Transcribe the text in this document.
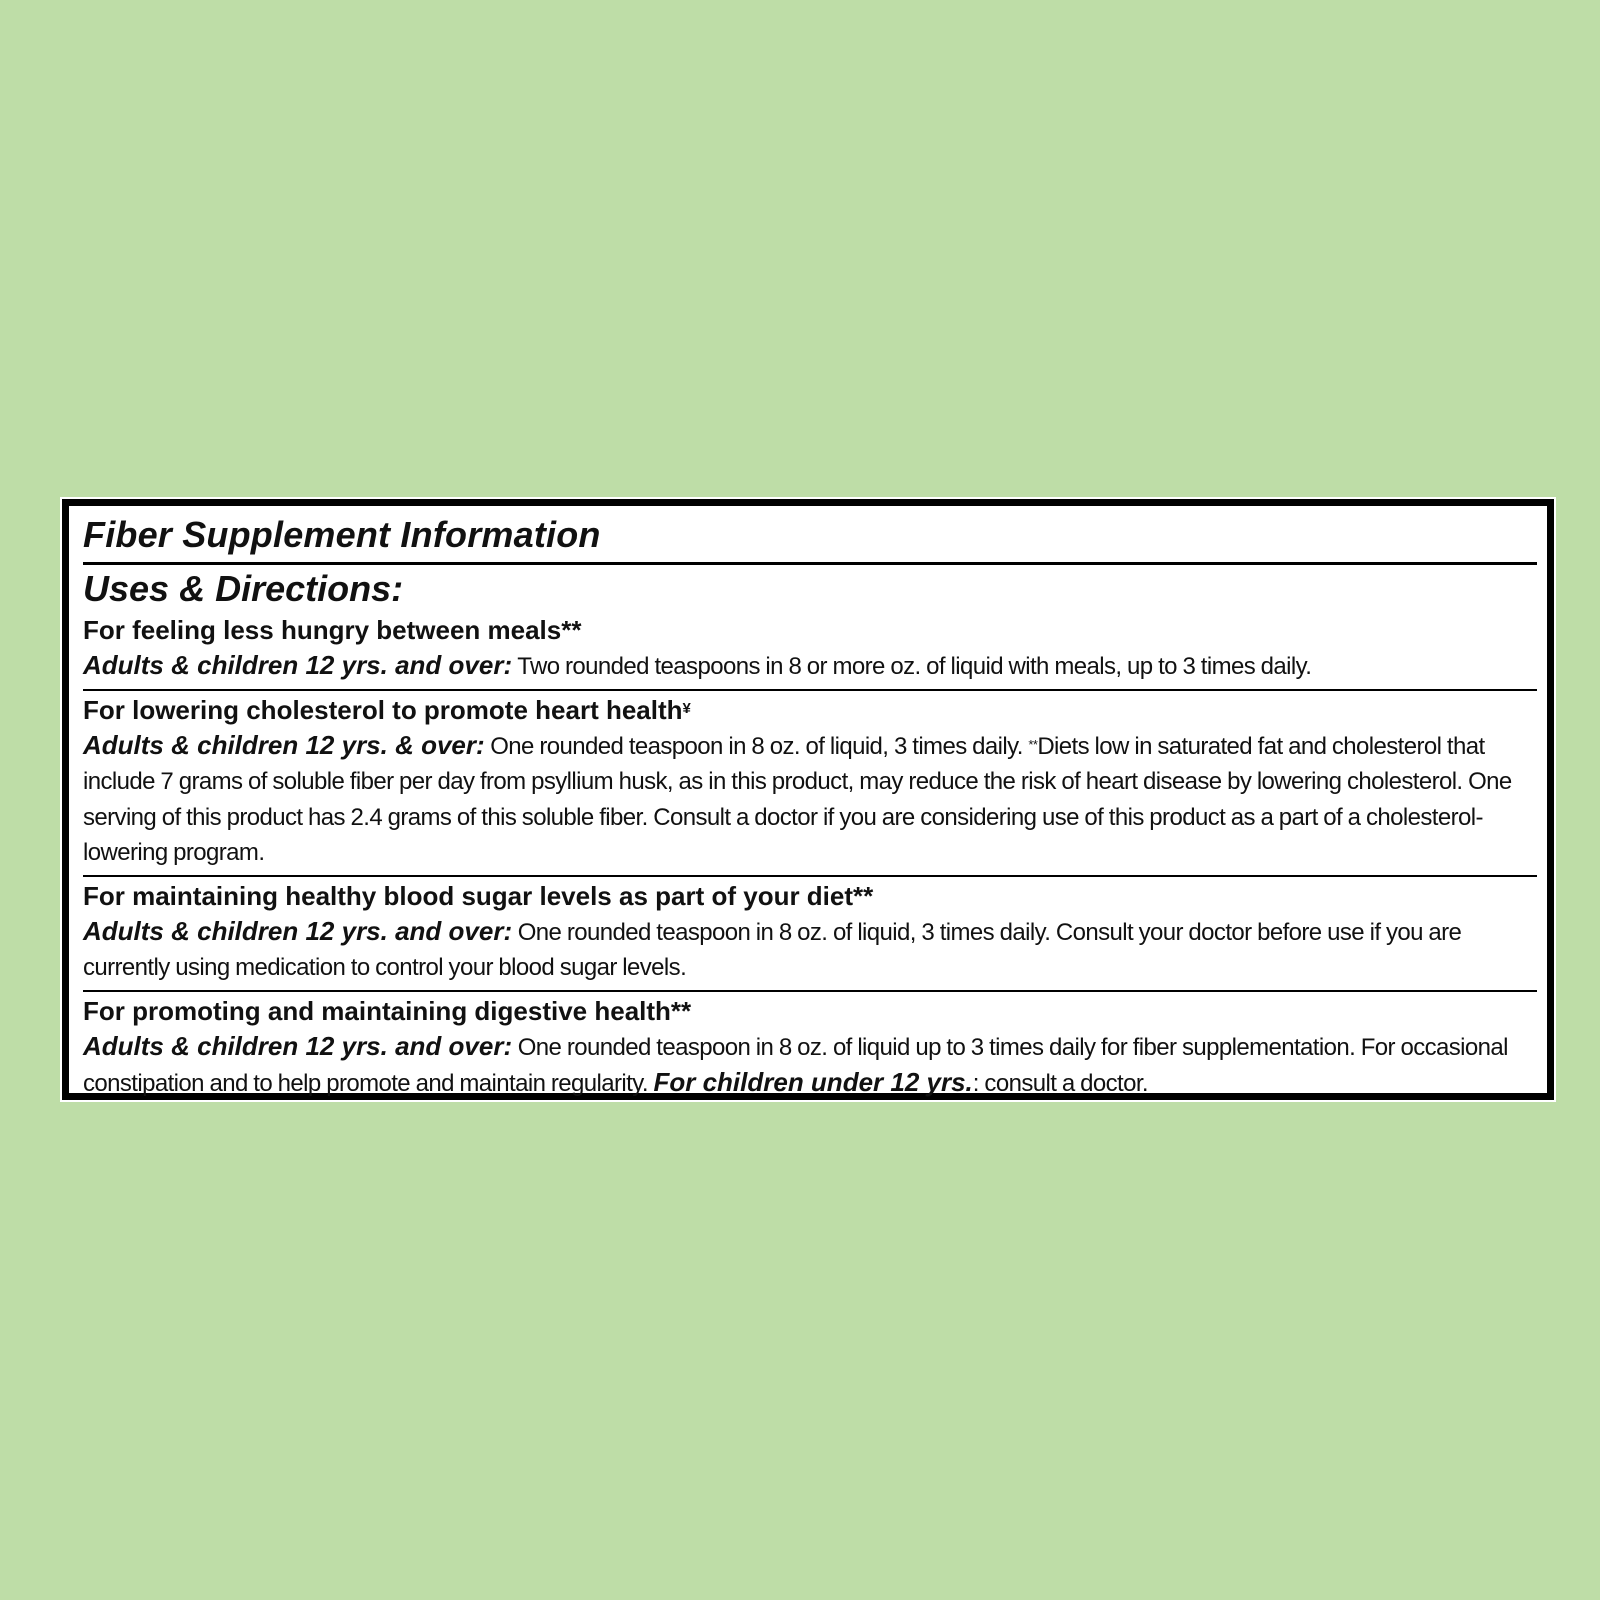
Fiber Supplement Information
Uses & Directions:

For feeling less hungry between meals**

Adults & children 12 yrs. and over: Two rounded teaspoons in 8 or more oz. of liquid with meals, up to 3 times daily.

For lowering cholesterol to promote heart health¥

Adults & children 12 yrs. & over: One rounded teaspoon in 8 oz. of liquid, 3 times daily. **Diets low in saturated fat and cholesterol that include 7 grams of soluble fiber per day from psyllium husk, as in this product, may reduce the risk of heart disease by lowering cholesterol. One serving of this product has 2.4 grams of this soluble fiber. Consult a doctor if you are considering use of this product as a part of a cholesterol-lowering program.

For maintaining healthy blood sugar levels as part of your diet**

Adults & children 12 yrs. and over: One rounded teaspoon in 8 oz. of liquid, 3 times daily. Consult your doctor before use if you are currently using medication to control your blood sugar levels.

For promoting and maintaining digestive health**

Adults & children 12 yrs. and over: One rounded teaspoon in 8 oz. of liquid up to 3 times daily for fiber supplementation. For occasional constipation and to help promote and maintain regularity. For children under 12 yrs.: consult a doctor.
